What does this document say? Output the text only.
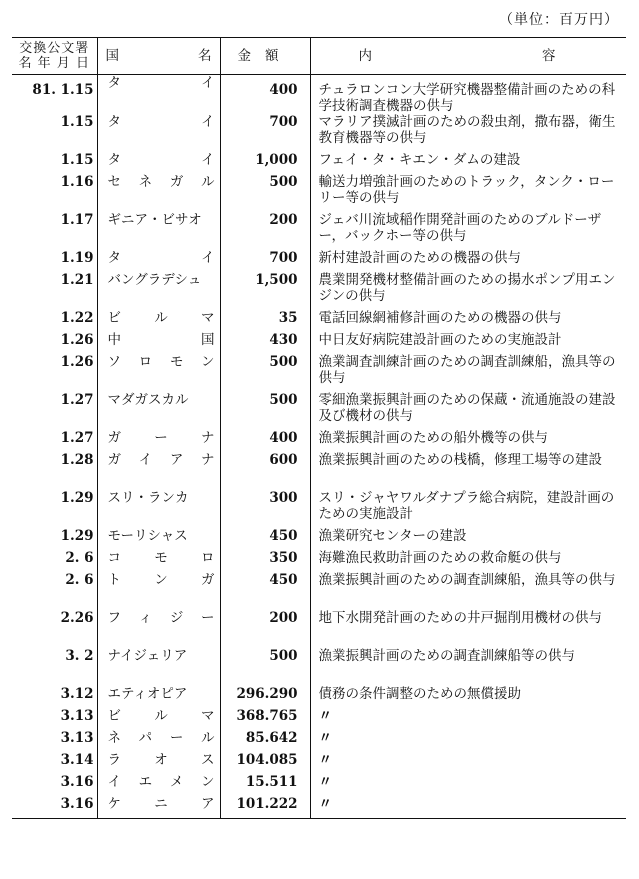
（単位：百万円）
交換公文署
名 年 月 日	国 名	金額	内 容
81. 1.15	タ イ	400	チュラロンコン大学研究機器整備計画のための科学技術調査機器の供与
1.15	タ イ	700	マラリア撲滅計画のための殺虫剤，撒布器，衛生教育機器等の供与
1.15	タ イ	1,000	フェイ・タ・キエン・ダムの建設
1.16	セ ネ ガ ル	500	輸送力増強計画のためのトラック，タンク・ローリー等の供与
1.17	ギニア・ビサオ	200	ジェバ川流域稲作開発計画のためのブルドーザー，バックホー等の供与
1.19	タ イ	700	新村建設計画のための機器の供与
1.21	バングラデシュ	1,500	農業開発機材整備計画のための揚水ポンプ用エンジンの供与
1.22	ビ ル マ	35	電話回線網補修計画のための機器の供与
1.26	中 国	430	中日友好病院建設計画のための実施設計
1.26	ソ ロ モ ン	500	漁業調査訓練計画のための調査訓練船，漁具等の供与
1.27	マダガスカル	500	零細漁業振興計画のための保蔵・流通施設の建設及び機材の供与
1.27	ガ ー ナ	400	漁業振興計画のための船外機等の供与
1.28	ガ イ ア ナ	600	漁業振興計画のための桟橋，修理工場等の建設
1.29	スリ・ランカ	300	スリ・ジャヤワルダナプラ総合病院，建設計画のための実施設計
1.29	モーリシャス	450	漁業研究センターの建設
2. 6	コ モ ロ	350	海難漁民救助計画のための救命艇の供与
2. 6	ト ン ガ	450	漁業振興計画のための調査訓練船，漁具等の供与
2.26	フ ィ ジ ー	200	地下水開発計画のための井戸掘削用機材の供与
3. 2	ナイジェリア	500	漁業振興計画のための調査訓練船等の供与
3.12	エティオピア	296.290	債務の条件調整のための無償援助
3.13	ビ ル マ	368.765	〃
3.13	ネ パ ー ル	85.642	〃
3.14	ラ オ ス	104.085	〃
3.16	イ エ メ ン	15.511	〃
3.16	ケ ニ ア	101.222	〃
